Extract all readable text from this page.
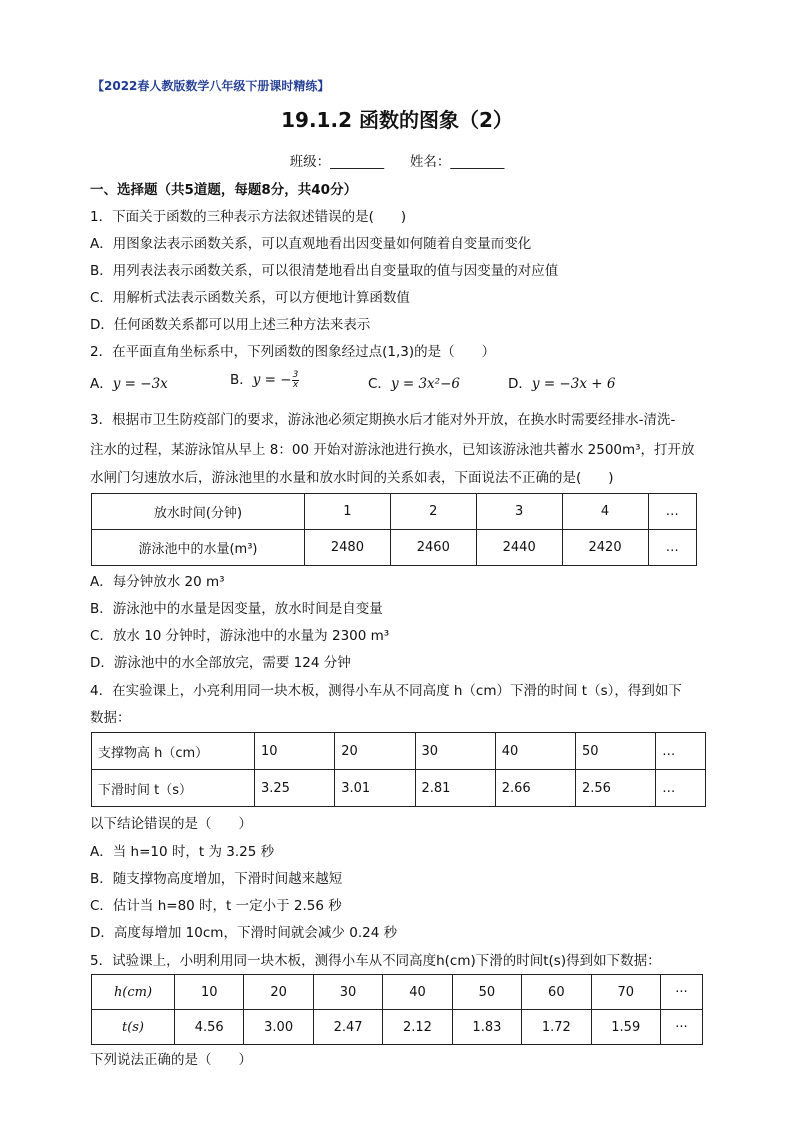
【2022春人教版数学八年级下册课时精练】
19.1.2 函数的图象（2）
班级：________ 姓名：________
一、选择题（共5道题，每题8分，共40分）
1．下面关于函数的三种表示方法叙述错误的是(　　)
A．用图象法表示函数关系，可以直观地看出因变量如何随着自变量而变化
B．用列表法表示函数关系，可以很清楚地看出自变量取的值与因变量的对应值
C．用解析式法表示函数关系，可以方便地计算函数值
D．任何函数关系都可以用上述三种方法来表示
2．在平面直角坐标系中，下列函数的图象经过点(1,3)的是（　　）
A．y = −3x	B．y = − $\frac{3}{x}$	C．y = 3x²−6	D．y = −3x + 6
3．根据市卫生防疫部门的要求，游泳池必须定期换水后才能对外开放，在换水时需要经排水-清洗-
注水的过程，某游泳馆从早上 8：00 开始对游泳池进行换水，已知该游泳池共蓄水 2500m³，打开放
水闸门匀速放水后，游泳池里的水量和放水时间的关系如表，下面说法不正确的是(　　)
放水时间(分钟)	1	2	3	4	…
游泳池中的水量(m³)	2480	2460	2440	2420	…
A．每分钟放水 20 m³
B．游泳池中的水量是因变量，放水时间是自变量
C．放水 10 分钟时，游泳池中的水量为 2300 m³
D．游泳池中的水全部放完，需要 124 分钟
4．在实验课上，小亮利用同一块木板，测得小车从不同高度 h（cm）下滑的时间 t（s），得到如下
数据：
支撑物高 h（cm）	10	20	30	40	50	…
下滑时间 t（s）	3.25	3.01	2.81	2.66	2.56	…
以下结论错误的是（　　）
A．当 h=10 时，t 为 3.25 秒
B．随支撑物高度增加，下滑时间越来越短
C．估计当 h=80 时，t 一定小于 2.56 秒
D．高度每增加 10cm，下滑时间就会减少 0.24 秒
5．试验课上，小明利用同一块木板，测得小车从不同高度h(cm)下滑的时间t(s)得到如下数据：
h(cm)	10	20	30	40	50	60	70	···
t(s)	4.56	3.00	2.47	2.12	1.83	1.72	1.59	···
下列说法正确的是（　　）
